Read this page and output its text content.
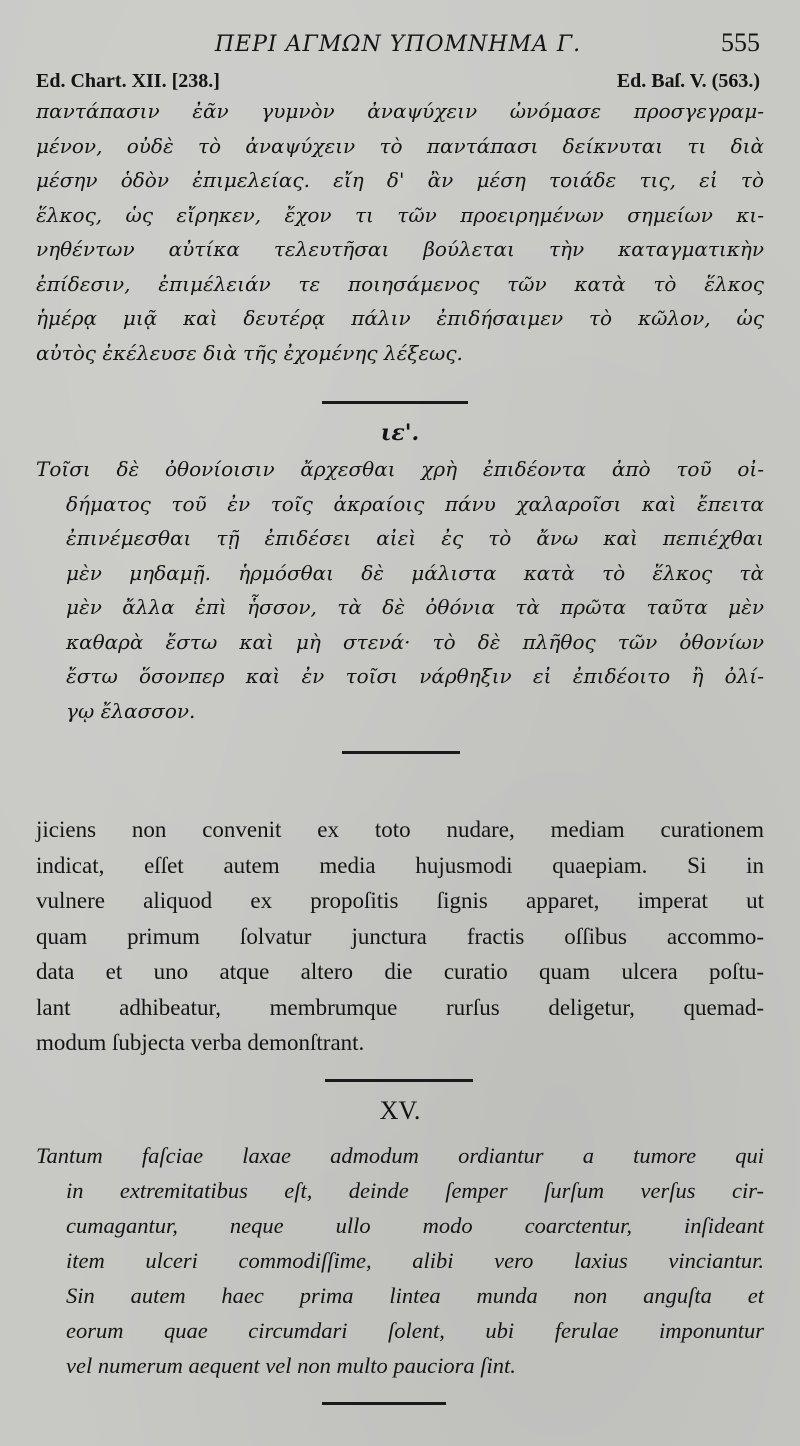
ΠΕΡΙ ΑΓΜΩΝ ΥΠΟΜΝΗΜΑ Γ.	555
Ed. Chart. XII. [238.]	Ed. Baſ. V. (563.)
παντάπασιν ἐᾶν γυμνὸν ἀναψύχειν ὠνόμασε προσγεγραμ-
μένον, οὐδὲ τὸ ἀναψύχειν τὸ παντάπασι δείκνυται τι διὰ
μέσην ὁδὸν ἐπιμελείας. εἴη δ' ἂν μέση τοιάδε τις, εἰ τὸ
ἕλκος, ὡς εἴρηκεν, ἔχον τι τῶν προειρημένων σημείων κι-
νηθέντων αὐτίκα τελευτῆσαι βούλεται τὴν καταγματικὴν
ἐπίδεσιν, ἐπιμέλειάν τε ποιησάμενος τῶν κατὰ τὸ ἕλκος
ἡμέρᾳ μιᾷ καὶ δευτέρᾳ πάλιν ἐπιδήσαιμεν τὸ κῶλον, ὡς
αὐτὸς ἐκέλευσε διὰ τῆς ἐχομένης λέξεως.
ιε'.
Τοῖσι δὲ ὀθονίοισιν ἄρχεσθαι χρὴ ἐπιδέοντα ἀπὸ τοῦ οἰ-
δήματος τοῦ ἐν τοῖς ἀκραίοις πάνυ χαλαροῖσι καὶ ἔπειτα
ἐπινέμεσθαι τῇ ἐπιδέσει αἰεὶ ἐς τὸ ἄνω καὶ πεπιέχθαι
μὲν μηδαμῇ. ἡρμόσθαι δὲ μάλιστα κατὰ τὸ ἕλκος τὰ
μὲν ἄλλα ἐπὶ ἧσσον, τὰ δὲ ὀθόνια τὰ πρῶτα ταῦτα μὲν
καθαρὰ ἔστω καὶ μὴ στενά· τὸ δὲ πλῆθος τῶν ὀθονίων
ἔστω ὅσονπερ καὶ ἐν τοῖσι νάρθηξιν εἰ ἐπιδέοιτο ἢ ὀλί-
γῳ ἔλασσον.
jiciens non convenit ex toto nudare, mediam curationem
indicat, eſſet autem media hujusmodi quaepiam. Si in
vulnere aliquod ex propoſitis ſignis apparet, imperat ut
quam primum ſolvatur junctura fractis oſſibus accommo-
data et uno atque altero die curatio quam ulcera poſtu-
lant adhibeatur, membrumque rurſus deligetur, quemad-
modum ſubjecta verba demonſtrant.
XV.
Tantum faſciae laxae admodum ordiantur a tumore qui
in extremitatibus eſt, deinde ſemper ſurſum verſus cir-
cumagantur, neque ullo modo coarctentur, inſideant
item ulceri commodiſſime, alibi vero laxius vinciantur.
Sin autem haec prima lintea munda non anguſta et
eorum quae circumdari ſolent, ubi ferulae imponuntur
vel numerum aequent vel non multo pauciora ſint.
